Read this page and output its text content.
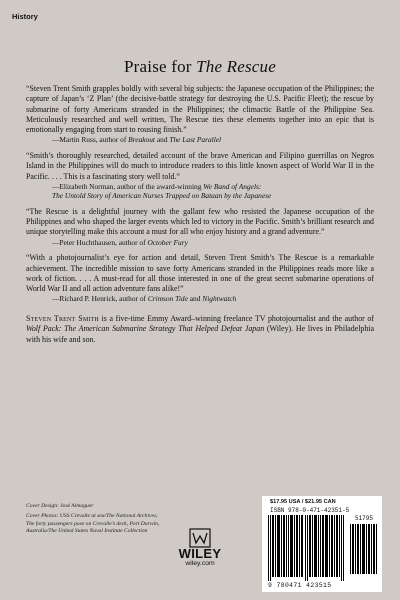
History
Praise for The Rescue

“Steven Trent Smith grapples boldly with several big subjects: the Japanese occupation of the Philippines; the capture of Japan’s ‘Z Plan’ (the decisive-battle strategy for destroying the U.S. Pacific Fleet); the rescue by submarine of forty Americans stranded in the Philippines; the climactic Battle of the Philippine Sea. Meticulously researched and well written, The Rescue ties these elements together into an epic that is emotionally engaging from start to rousing finish.”

—Martin Russ, author of Breakout and The Last Parallel

“Smith’s thoroughly researched, detailed account of the brave American and Filipino guerrillas on Negros Island in the Philippines will do much to introduce readers to this little known aspect of World War II in the Pacific. . . . This is a fascinating story well told.”

—Elizabeth Norman, author of the award-winning We Band of Angels:
The Untold Story of American Nurses Trapped on Bataan by the Japanese

“The Rescue is a delightful journey with the gallant few who resisted the Japanese occupation of the Philippines and who shaped the larger events which led to victory in the Pacific. Smith’s brilliant research and unique storytelling make this account a must for all who enjoy history and a grand adventure.”

—Peter Huchthausen, author of October Fury

“With a photojournalist’s eye for action and detail, Steven Trent Smith’s The Rescue is a remarkable achievement. The incredible mission to save forty Americans stranded in the Philippines reads more like a work of fiction. . . . A must-read for all those interested in one of the great secret submarine operations of World War II and all action adventure fans alike!”

—Richard P. Henrick, author of Crimson Tide and Nightwatch

Steven Trent Smith is a five-time Emmy Award–winning freelance TV photojournalist and the author of Wolf Pack: The American Submarine Strategy That Helped Defeat Japan (Wiley). He lives in Philadelphia with his wife and son.

Cover Design: José Almaguer
Cover Photos: USS Crevalle at sea/The National Archives;
The forty passengers pose on Crevalle’s deck, Port Darwin,
Australia/The United States Naval Institute Collection
WILEY
wiley.com
$17.95 USA / $21.95 CAN
ISBN 978-0-471-42351-5
51795
9 780471 423515
